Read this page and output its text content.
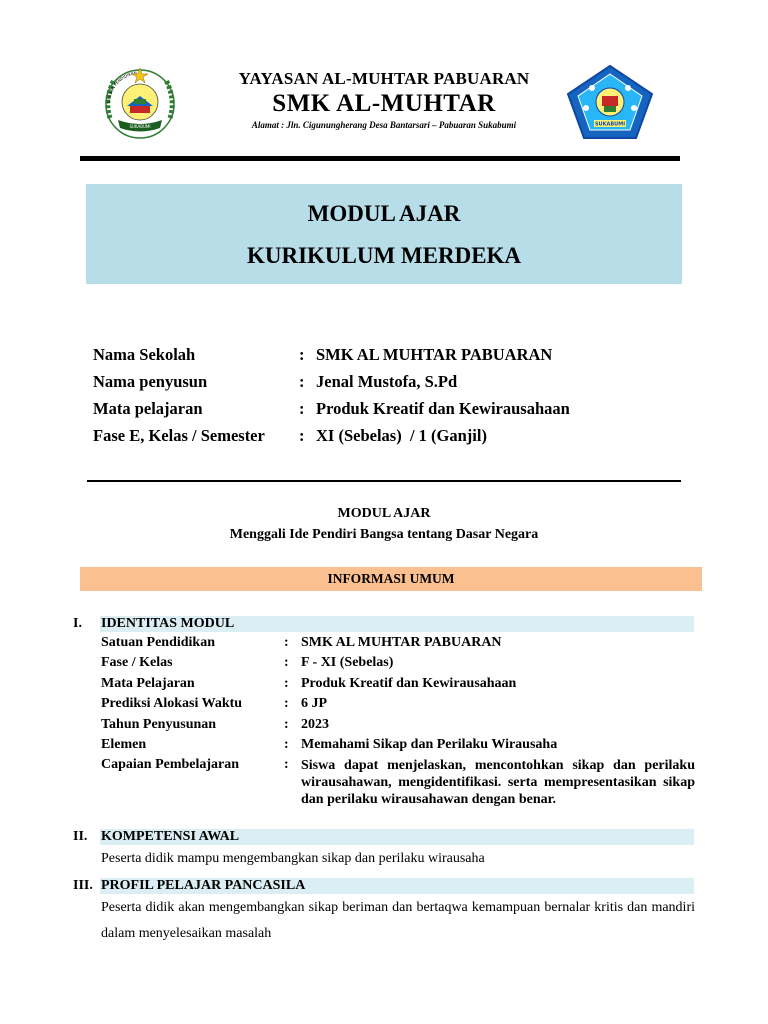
YAYASAN PENDIDIKAN
SUKABUMI
YAYASAN AL-MUHTAR PABUARAN
SMK AL-MUHTAR
Alamat : Jln. Cigunungherang Desa Bantarsari – Pabuaran Sukabumi	SUKABUMI
MODUL AJAR
KURIKULUM MERDEKA
Nama Sekolah	: SMK AL MUHTAR PABUARAN
Nama penyusun	: Jenal Mustofa, S.Pd
Mata pelajaran	: Produk Kreatif dan Kewirausahaan
Fase E, Kelas / Semester : XI (Sebelas)  / 1 (Ganjil)
MODUL AJAR
Menggali Ide Pendiri Bangsa tentang Dasar Negara
INFORMASI UMUM
I. IDENTITAS MODUL
Satuan Pendidikan	: SMK AL MUHTAR PABUARAN
Fase / Kelas	: F - XI (Sebelas)
Mata Pelajaran	: Produk Kreatif dan Kewirausahaan
Prediksi Alokasi Waktu	: 6 JP
Tahun Penyusunan	: 2023
Elemen	: Memahami Sikap dan Perilaku Wirausaha
Capaian Pembelajaran	: Siswa dapat menjelaskan, mencontohkan sikap dan perilaku wirausahawan, mengidentifikasi. serta mempresentasikan sikap dan perilaku wirausahawan dengan benar.
II. KOMPETENSI AWAL
Peserta didik mampu mengembangkan sikap dan perilaku wirausaha
III. PROFIL PELAJAR PANCASILA
Peserta didik akan mengembangkan sikap beriman dan bertaqwa kemampuan bernalar kritis dan mandiri dalam menyelesaikan masalah
